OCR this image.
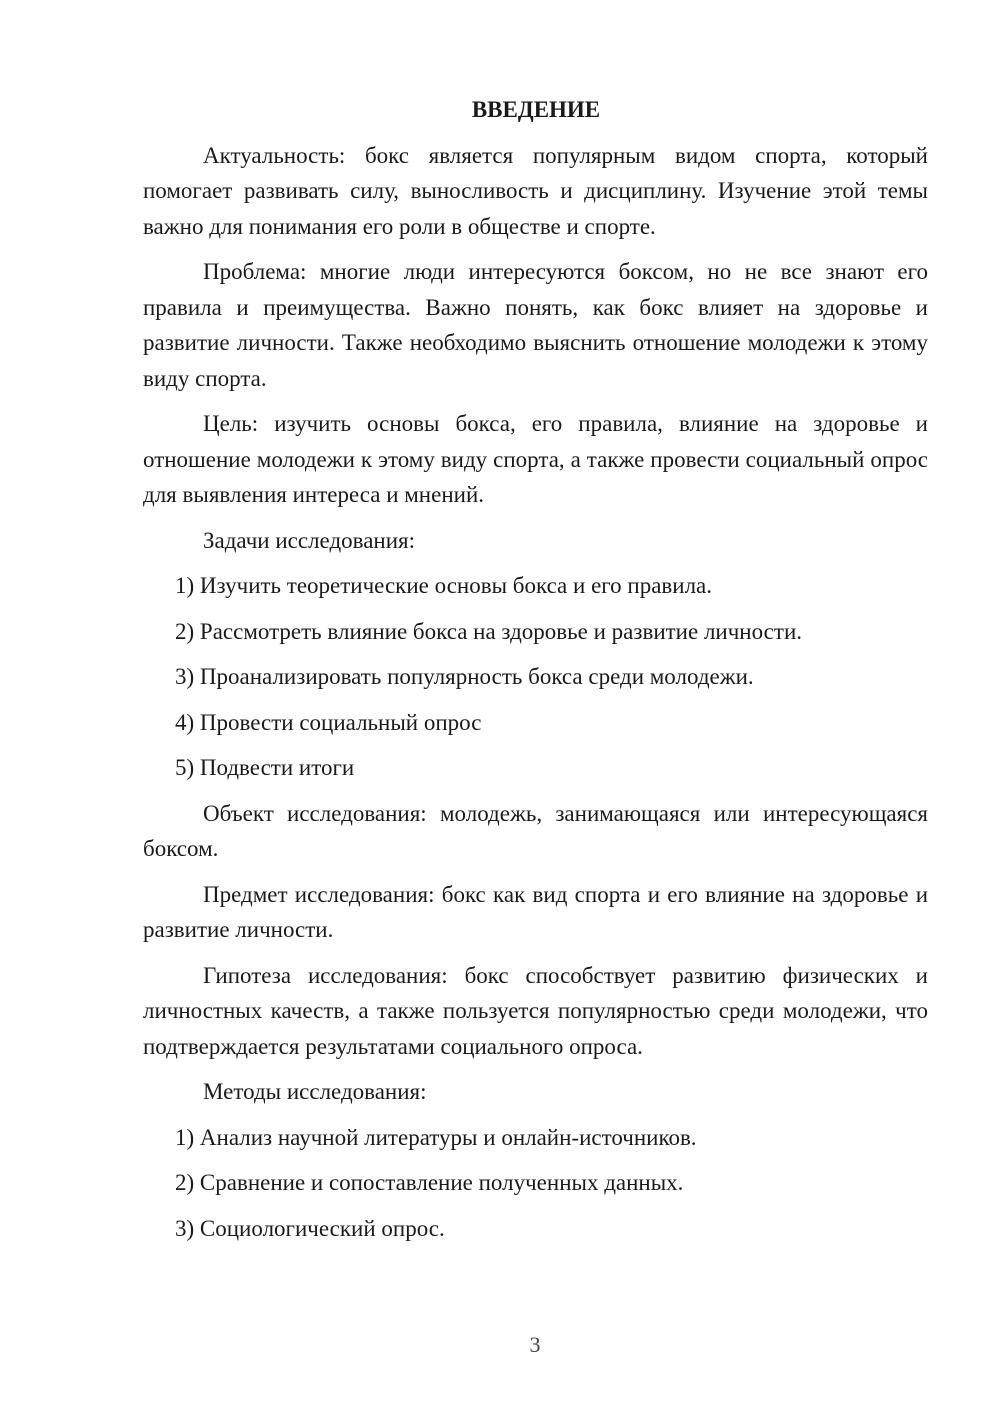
ВВЕДЕНИЕ

Актуальность: бокс является популярным видом спорта, который помогает развивать силу, выносливость и дисциплину. Изучение этой темы важно для понимания его роли в обществе и спорте.

Проблема: многие люди интересуются боксом, но не все знают его правила и преимущества. Важно понять, как бокс влияет на здоровье и развитие личности. Также необходимо выяснить отношение молодежи к этому виду спорта.

Цель: изучить основы бокса, его правила, влияние на здоровье и отношение молодежи к этому виду спорта, а также провести социальный опрос для выявления интереса и мнений.

Задачи исследования:

1) Изучить теоретические основы бокса и его правила.

2) Рассмотреть влияние бокса на здоровье и развитие личности.

3) Проанализировать популярность бокса среди молодежи.

4) Провести социальный опрос

5) Подвести итоги

Объект исследования: молодежь, занимающаяся или интересующаяся боксом.

Предмет исследования: бокс как вид спорта и его влияние на здоровье и развитие личности.

Гипотеза исследования: бокс способствует развитию физических и личностных качеств, а также пользуется популярностью среди молодежи, что подтверждается результатами социального опроса.

Методы исследования:

1) Анализ научной литературы и онлайн-источников.

2) Сравнение и сопоставление полученных данных.

3) Социологический опрос.

3
